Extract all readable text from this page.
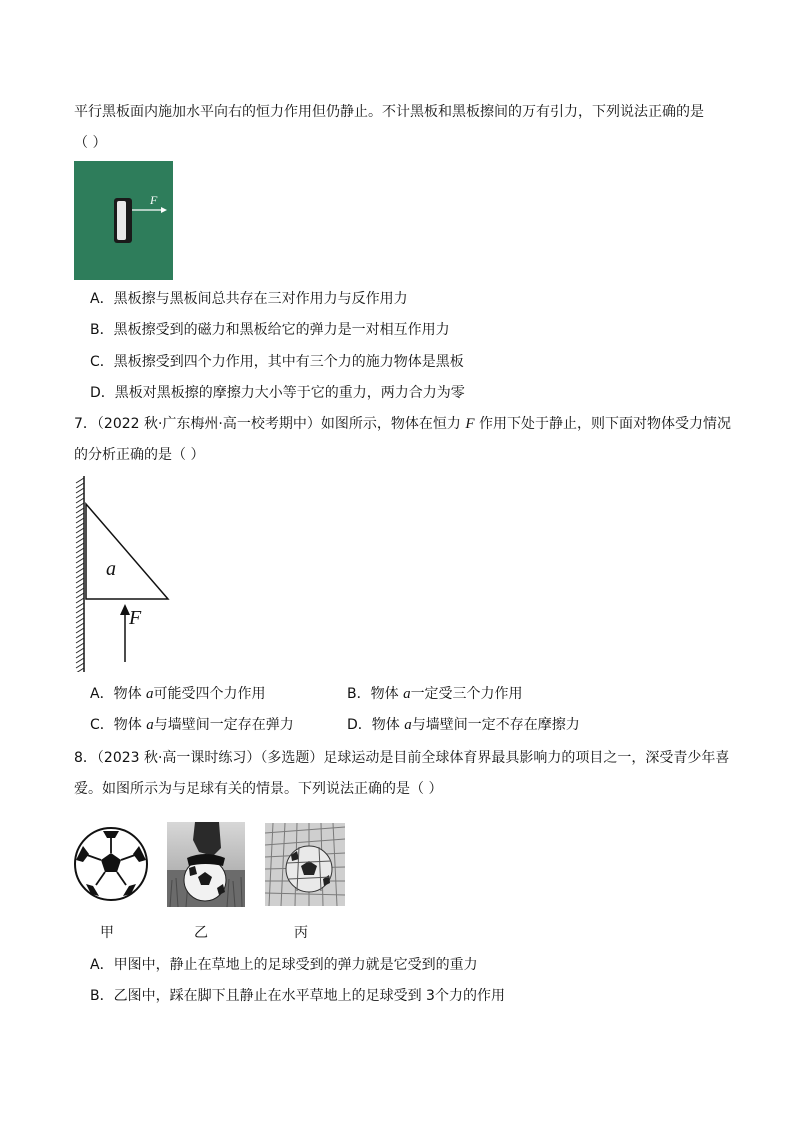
平行黑板面内施加水平向右的恒力作用但仍静止。不计黑板和黑板擦间的万有引力，下列说法正确的是
（ ）
F
A．黑板擦与黑板间总共存在三对作用力与反作用力
B．黑板擦受到的磁力和黑板给它的弹力是一对相互作用力
C．黑板擦受到四个力作用，其中有三个力的施力物体是黑板
D．黑板对黑板擦的摩擦力大小等于它的重力，两力合力为零
7．（2022 秋·广东梅州·高一校考期中）如图所示，物体在恒力 F 作用下处于静止，则下面对物体受力情况
的分析正确的是（ ）
a
F
A．物体 a可能受四个力作用	B．物体 a一定受三个力作用
C．物体 a与墙壁间一定存在弹力	D．物体 a与墙壁间一定不存在摩擦力
8．（2023 秋·高一课时练习）（多选题）足球运动是目前全球体育界最具影响力的项目之一，深受青少年喜
爱。如图所示为与足球有关的情景。下列说法正确的是（ ）
甲	乙	丙
A．甲图中，静止在草地上的足球受到的弹力就是它受到的重力
B．乙图中，踩在脚下且静止在水平草地上的足球受到 3个力的作用
